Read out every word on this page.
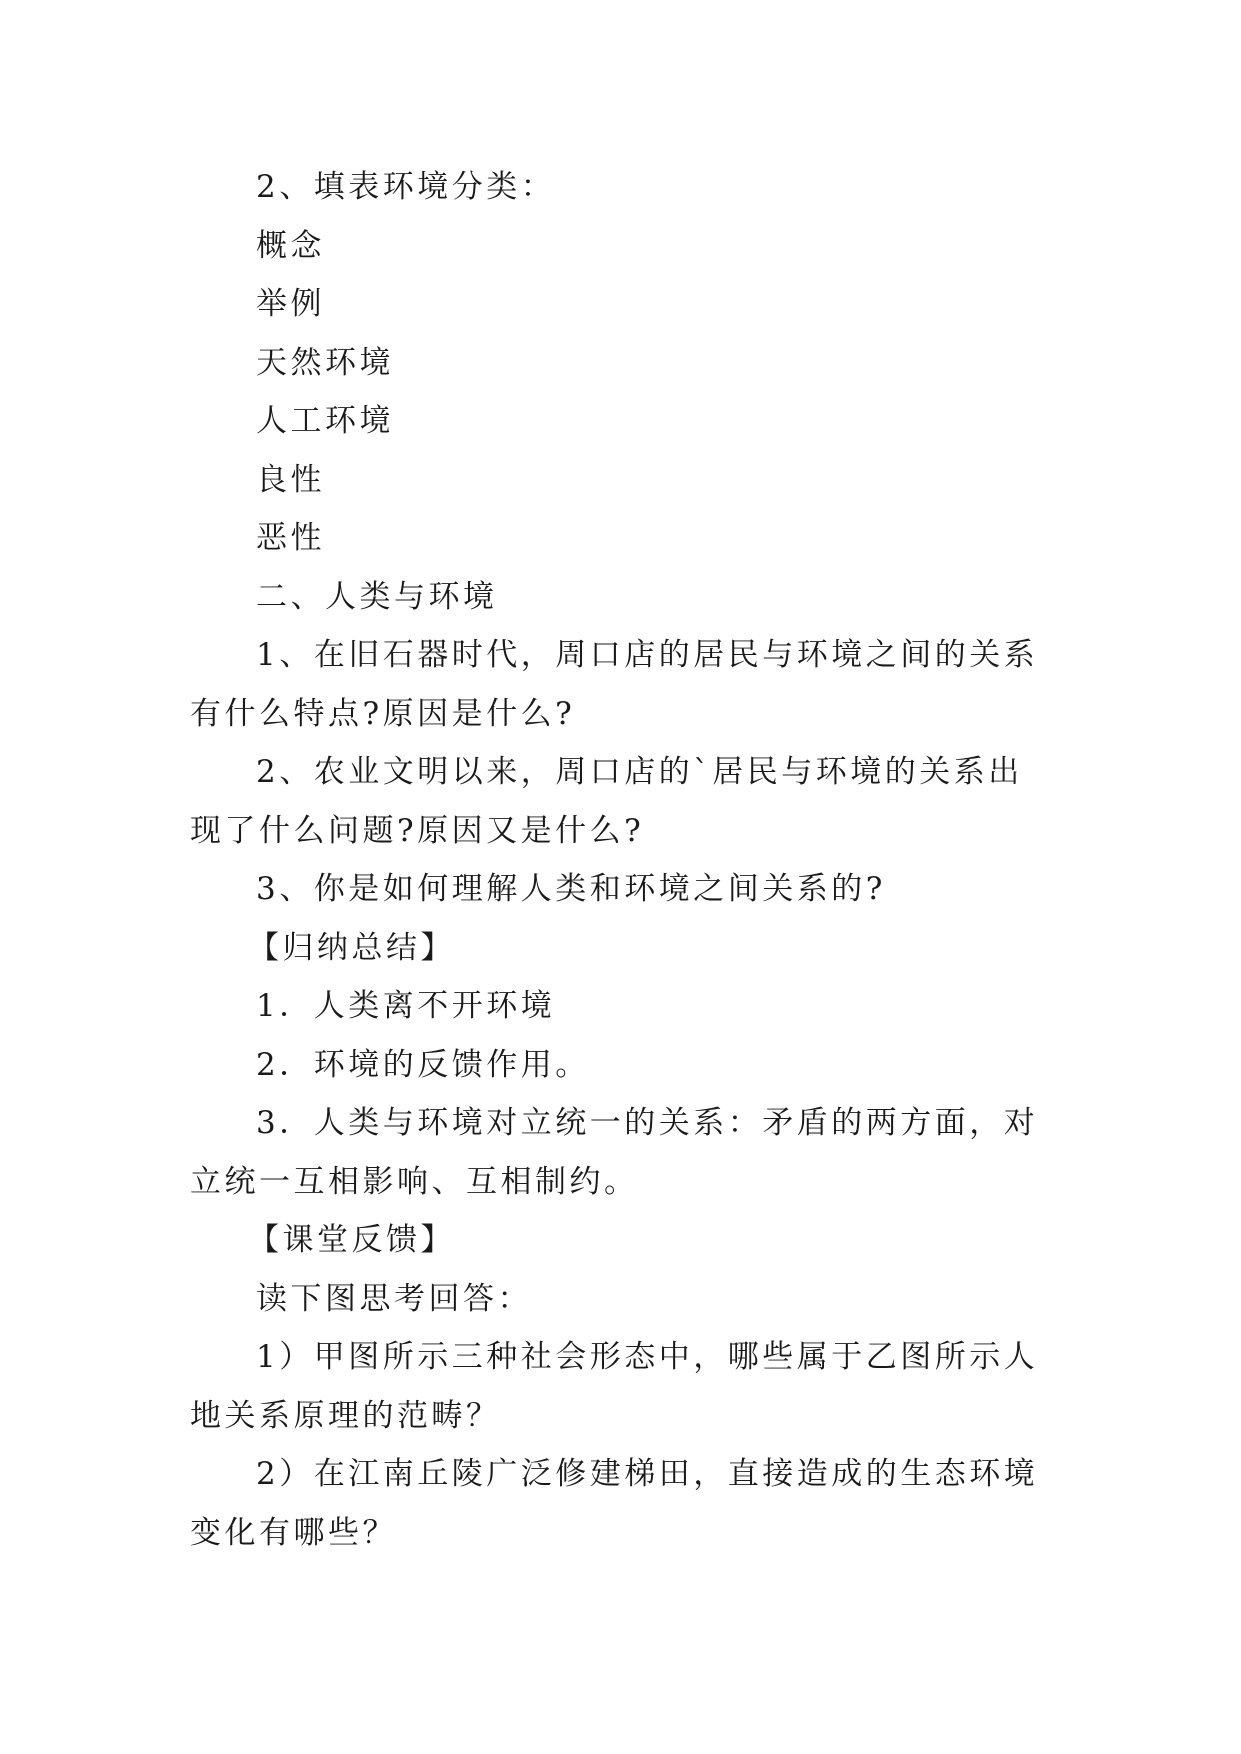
2、填表环境分类：

概念

举例

天然环境

人工环境

良性

恶性

二、人类与环境

1、在旧石器时代，周口店的居民与环境之间的关系有什么特点?原因是什么?

2、农业文明以来，周口店的`居民与环境的关系出现了什么问题?原因又是什么?

3、你是如何理解人类和环境之间关系的?

【归纳总结】

1．人类离不开环境

2．环境的反馈作用。

3．人类与环境对立统一的关系：矛盾的两方面，对立统一互相影响、互相制约。

【课堂反馈】

读下图思考回答：

1）甲图所示三种社会形态中，哪些属于乙图所示人地关系原理的范畴？

2）在江南丘陵广泛修建梯田，直接造成的生态环境变化有哪些？
